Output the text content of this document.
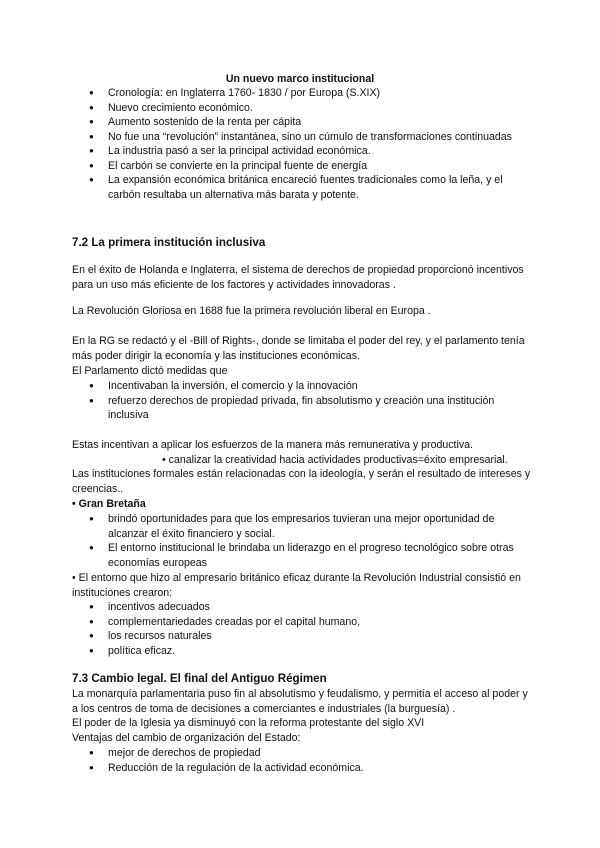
Un nuevo marco institucional

● Cronología: en Inglaterra 1760- 1830 / por Europa (S.XIX)
● Nuevo crecimiento económico.
● Aumento sostenido de la renta per cápita
● No fue una “revolución” instantánea, sino un cúmulo de transformaciones continuadas
● La industria pasó a ser la principal actividad económica.
● El carbón se convierte en la principal fuente de energía
● La expansión económica británica encareció fuentes tradicionales como la leña, y el carbón resultaba un alternativa más barata y potente.

7.2 La primera institución inclusiva

En el éxito de Holanda e Inglaterra, el sistema de derechos de propiedad proporcionó incentivos para un uso más eficiente de los factores y actividades innovadoras .

La Revolución Gloriosa en 1688 fue la primera revolución liberal en Europa .

En la RG se redactó y el -Bill of Rights-, donde se limitaba el poder del rey, y el parlamento tenía más poder dirigir la economía y las instituciones económicas.

El Parlamento dictó medidas que

● Incentivaban la inversión, el comercio y la innovación
● refuerzo derechos de propiedad privada, fin absolutismo y creación una institución inclusiva

Estas incentivan a aplicar los esfuerzos de la manera más remunerativa y productiva.

• canalizar la creatividad hacia actividades productivas=éxito empresarial.

Las instituciones formales están relacionadas con la ideología, y serán el resultado de intereses y creencias..

• Gran Bretaña

● brindó oportunidades para que los empresarios tuvieran una mejor oportunidad de alcanzar el éxito financiero y social.
● El entorno institucional le brindaba un liderazgo en el progreso tecnológico sobre otras economías europeas

• El entorno que hizo al empresario británico eficaz durante la Revolución Industrial consistió en instituciones crearon:

● incentivos adecuados
● complementariedades creadas por el capital humano,
● los recursos naturales
● política eficaz.

7.3 Cambio legal. El final del Antiguo Régimen

La monarquía parlamentaria puso fin al absolutismo y feudalismo, y permitía el acceso al poder y a los centros de toma de decisiones a comerciantes e industriales (la burguesía) .

El poder de la Iglesia ya disminuyó con la reforma protestante del siglo XVI

Ventajas del cambio de organización del Estado:

● mejor de derechos de propiedad
● Reducción de la regulación de la actividad económica.
